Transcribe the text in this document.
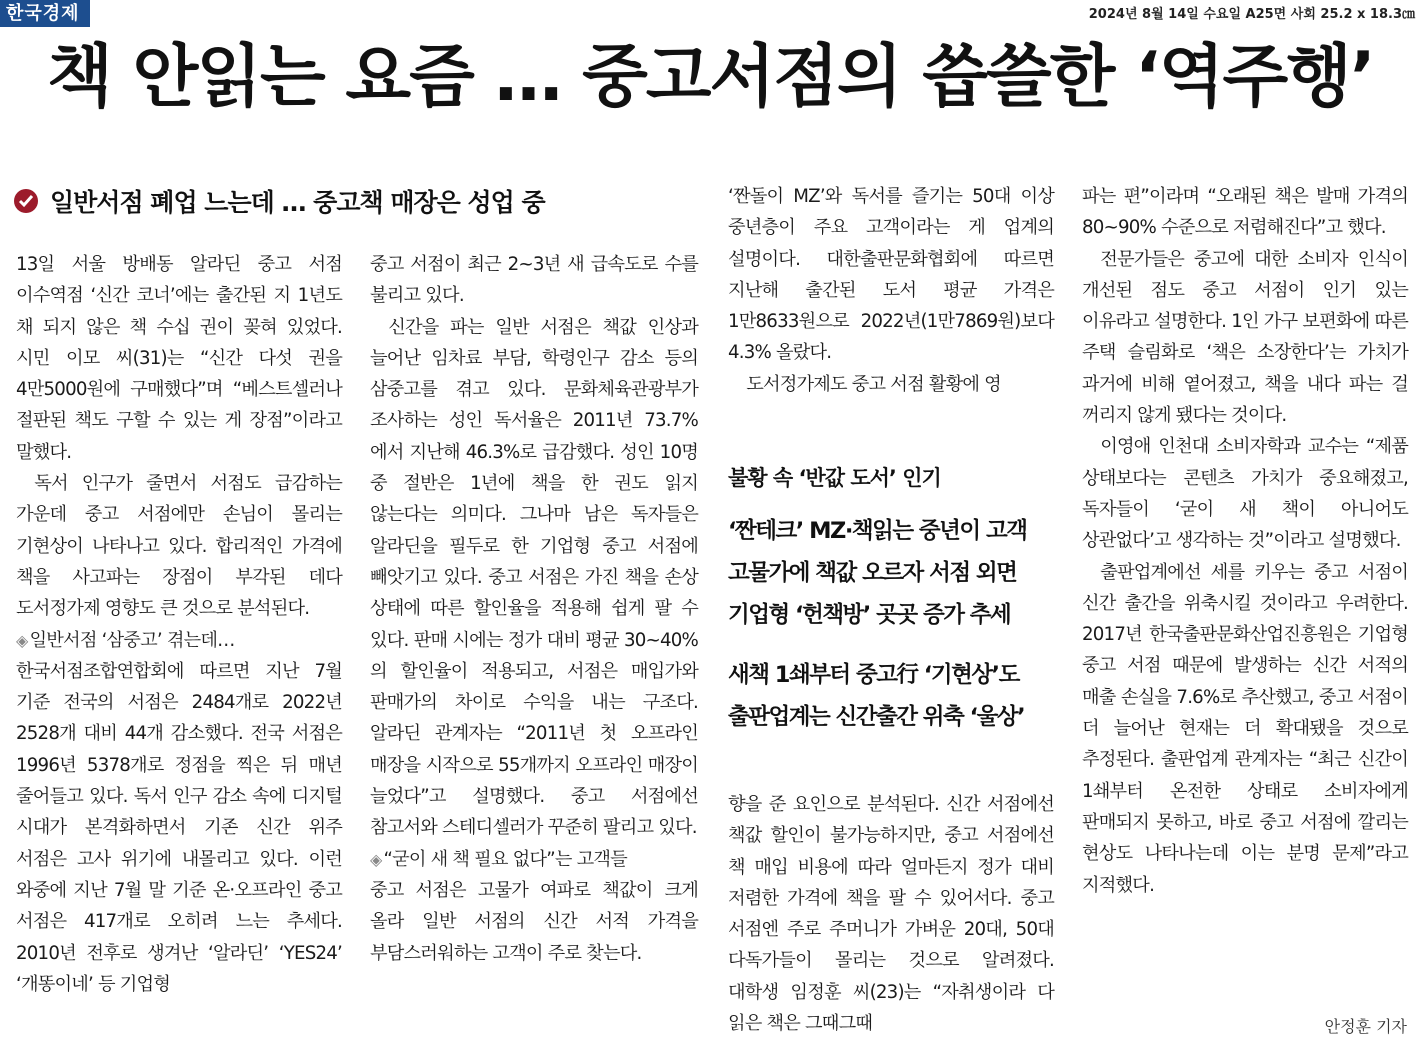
한국경제	2024년 8월 14일 수요일 A25면 사회 25.2 x 18.3㎝
책 안읽는 요즘 … 중고서점의 씁쓸한 ‘역주행’
일반서점 폐업 느는데 … 중고책 매장은 성업 중

13일 서울 방배동 알라딘 중고 서점 이수역점 ‘신간 코너’에는 출간된 지 1년도 채 되지 않은 책 수십 권이 꽂혀 있었다. 시민 이모 씨(31)는 “신간 다섯 권을 4만5000원에 구매했다”며 “베스트셀러나 절판된 책도 구할 수 있는 게 장점”이라고 말했다.

독서 인구가 줄면서 서점도 급감하는 가운데 중고 서점에만 손님이 몰리는 기현상이 나타나고 있다. 합리적인 가격에 책을 사고파는 장점이 부각된 데다 도서정가제 영향도 큰 것으로 분석된다.

◈ 일반서점 ‘삼중고’ 겪는데…

한국서점조합연합회에 따르면 지난 7월 기준 전국의 서점은 2484개로 2022년 2528개 대비 44개 감소했다. 전국 서점은 1996년 5378개로 정점을 찍은 뒤 매년 줄어들고 있다. 독서 인구 감소 속에 디지털 시대가 본격화하면서 기존 신간 위주 서점은 고사 위기에 내몰리고 있다. 이런 와중에 지난 7월 말 기준 온·오프라인 중고 서점은 417개로 오히려 느는 추세다. 2010년 전후로 생겨난 ‘알라딘’ ‘YES24’ ‘개똥이네’ 등 기업형

중고 서점이 최근 2~3년 새 급속도로 수를 불리고 있다.

신간을 파는 일반 서점은 책값 인상과 늘어난 임차료 부담, 학령인구 감소 등의 삼중고를 겪고 있다. 문화체육관광부가 조사하는 성인 독서율은 2011년 73.7%에서 지난해 46.3%로 급감했다. 성인 10명 중 절반은 1년에 책을 한 권도 읽지 않는다는 의미다. 그나마 남은 독자들은 알라딘을 필두로 한 기업형 중고 서점에 빼앗기고 있다. 중고 서점은 가진 책을 손상 상태에 따른 할인율을 적용해 쉽게 팔 수 있다. 판매 시에는 정가 대비 평균 30~40%의 할인율이 적용되고, 서점은 매입가와 판매가의 차이로 수익을 내는 구조다. 알라딘 관계자는 “2011년 첫 오프라인 매장을 시작으로 55개까지 오프라인 매장이 늘었다”고 설명했다. 중고 서점에선 참고서와 스테디셀러가 꾸준히 팔리고 있다.

◈ “굳이 새 책 필요 없다”는 고객들

중고 서점은 고물가 여파로 책값이 크게 올라 일반 서점의 신간 서적 가격을 부담스러워하는 고객이 주로 찾는다.

‘짠돌이 MZ’와 독서를 즐기는 50대 이상 중년층이 주요 고객이라는 게 업계의 설명이다. 대한출판문화협회에 따르면 지난해 출간된 도서 평균 가격은 1만8633원으로 2022년(1만7869원)보다 4.3% 올랐다.

도서정가제도 중고 서점 활황에 영

불황 속 ‘반값 도서’ 인기
‘짠테크’ MZ·책읽는 중년이 고객
고물가에 책값 오르자 서점 외면
기업형 ‘헌책방’ 곳곳 증가 추세
새책 1쇄부터 중고行 ‘기현상’도
출판업계는 신간출간 위축 ‘울상’

향을 준 요인으로 분석된다. 신간 서점에선 책값 할인이 불가능하지만, 중고 서점에선 책 매입 비용에 따라 얼마든지 정가 대비 저렴한 가격에 책을 팔 수 있어서다. 중고 서점엔 주로 주머니가 가벼운 20대, 50대 다독가들이 몰리는 것으로 알려졌다. 대학생 임정훈 씨(23)는 “자취생이라 다 읽은 책은 그때그때

파는 편”이라며 “오래된 책은 발매 가격의 80~90% 수준으로 저렴해진다”고 했다.

전문가들은 중고에 대한 소비자 인식이 개선된 점도 중고 서점이 인기 있는 이유라고 설명한다. 1인 가구 보편화에 따른 주택 슬림화로 ‘책은 소장한다’는 가치가 과거에 비해 옅어졌고, 책을 내다 파는 걸 꺼리지 않게 됐다는 것이다.

이영애 인천대 소비자학과 교수는 “제품 상태보다는 콘텐츠 가치가 중요해졌고, 독자들이 ‘굳이 새 책이 아니어도 상관없다’고 생각하는 것”이라고 설명했다.

출판업계에선 세를 키우는 중고 서점이 신간 출간을 위축시킬 것이라고 우려한다. 2017년 한국출판문화산업진흥원은 기업형 중고 서점 때문에 발생하는 신간 서적의 매출 손실을 7.6%로 추산했고, 중고 서점이 더 늘어난 현재는 더 확대됐을 것으로 추정된다. 출판업계 관계자는 “최근 신간이 1쇄부터 온전한 상태로 소비자에게 판매되지 못하고, 바로 중고 서점에 깔리는 현상도 나타나는데 이는 분명 문제”라고 지적했다.

안정훈 기자
